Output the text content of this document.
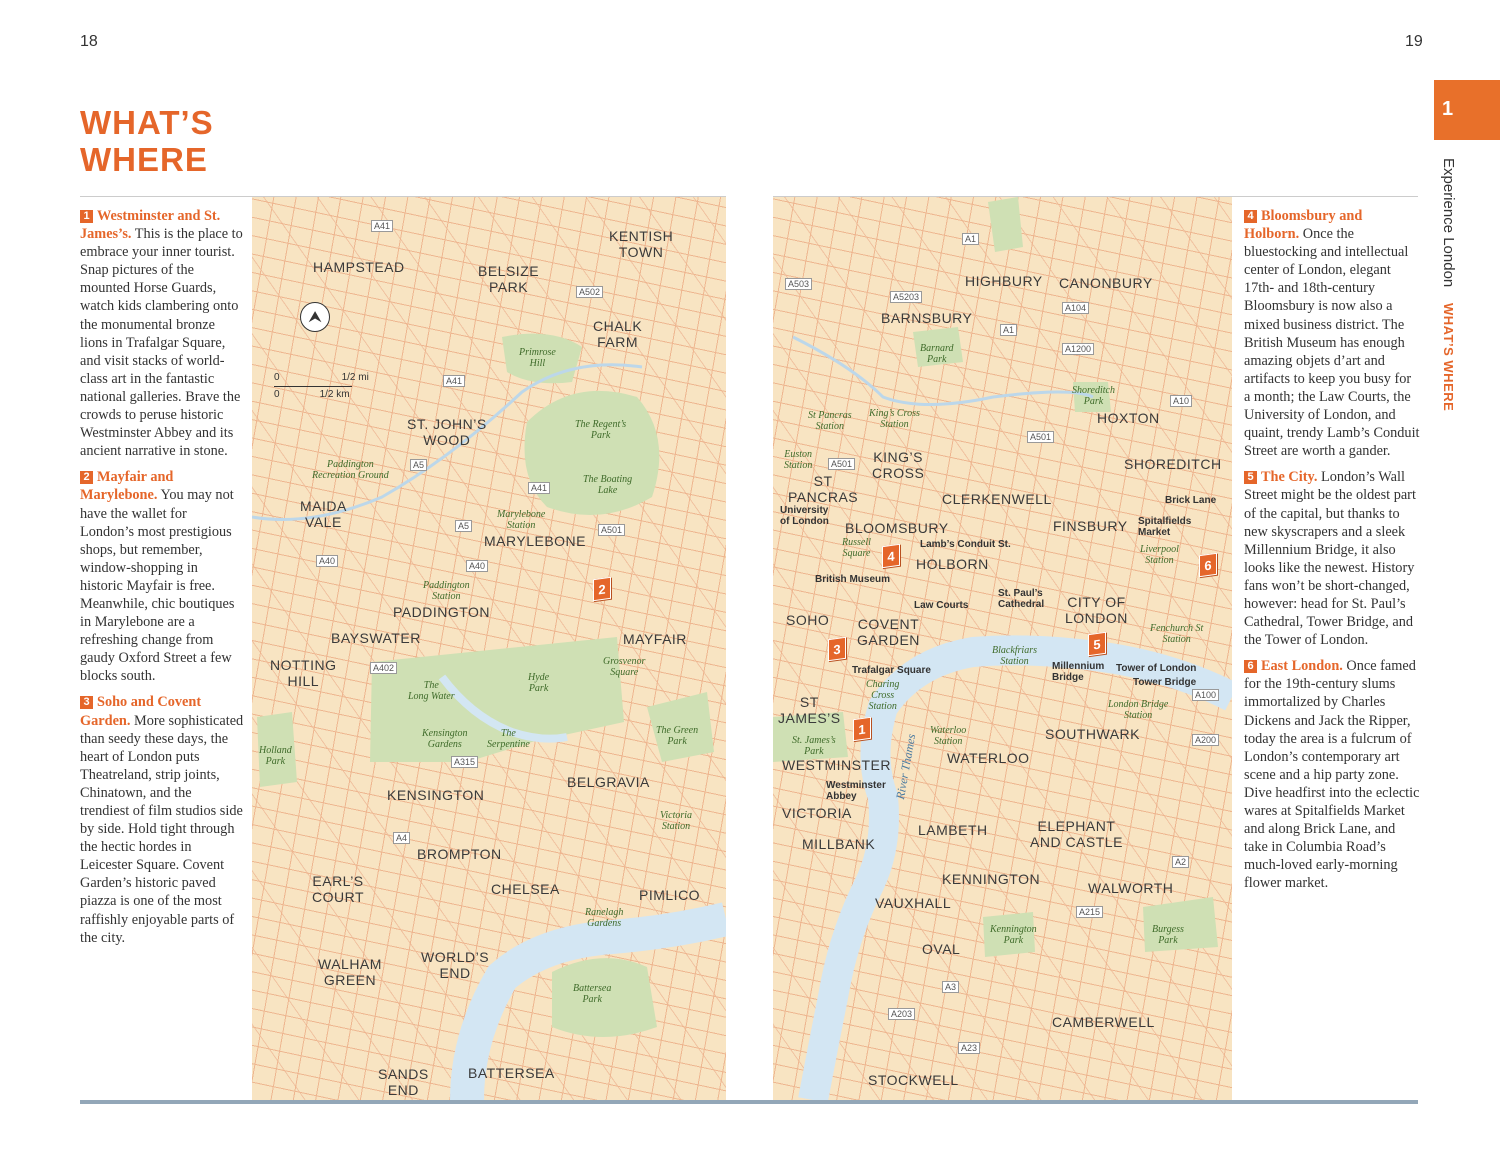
18	19
WHAT’S
WHERE

1 Westminster and St. James’s. This is the place to embrace your inner tourist. Snap pictures of the mounted Horse Guards, watch kids clambering onto the monumental bronze lions in Trafalgar Square, and visit stacks of world-class art in the fantastic national galleries. Brave the crowds to peruse historic Westminster Abbey and its ancient narrative in stone.

2 Mayfair and Marylebone. You may not have the wallet for London’s most prestigious shops, but remember, window-shopping in historic Mayfair is free. Meanwhile, chic boutiques in Marylebone are a refreshing change from gaudy Oxford Street a few blocks south.

3 Soho and Covent Garden. More sophisticated than seedy these days, the heart of London puts Theatreland, strip joints, Chinatown, and the trendiest of film studios side by side. Hold tight through the hectic hordes in Leicester Square. Covent Garden’s historic paved piazza is one of the most raffishly enjoyable parts of the city.

4 Bloomsbury and Holborn. Once the bluestocking and intellectual center of London, elegant 17th- and 18th-century Bloomsbury is now also a mixed business district. The British Museum has enough amazing objets d’art and artifacts to keep you busy for a month; the Law Courts, the University of London, and quaint, trendy Lamb’s Conduit Street are worth a gander.

5 The City. London’s Wall Street might be the oldest part of the capital, but thanks to new skyscrapers and a sleek Millennium Bridge, it also looks like the newest. History fans won’t be short-changed, however: head for St. Paul’s Cathedral, Tower Bridge, and the Tower of London.

6 East London. Once famed for the 19th-century slums immortalized by Charles Dickens and Jack the Ripper, today the area is a fulcrum of London’s contemporary art scene and a hip party zone. Dive headfirst into the eclectic wares at Spitalfields Market and along Brick Lane, and take in Columbia Road’s much-loved early-morning flower market.

⮝
0	1/2 mi
0	1/2 km
KENTISH
TOWN
HAMPSTEAD	BELSIZE
PARK
CHALK
FARM
Primrose
Hill
The Regent’s
Park
ST. JOHN’S
WOOD
The Boating
Lake
Paddington
Recreation Ground
MAIDA
VALE	Marylebone
Station
MARYLEBONE
Paddington
Station
PADDINGTON
BAYSWATER	MAYFAIR
NOTTING
HILL
Grosvenor
Square
The
Long Water
Hyde
Park
Kensington
Gardens
The
Serpentine
The Green
Park
Holland
Park
BELGRAVIA
KENSINGTON
Victoria
Station
BROMPTON
EARL’S
COURT	CHELSEA	PIMLICO
Ranelagh
Gardens
WALHAM
GREEN
WORLD’S
END
Battersea
Park
SANDS
END
BATTERSEA
A41
A502
A41
A5
A41
A5	A501
A40	A40
A402
A315
A4
2
A1
A503	HIGHBURY CANONBURY
A5203
BARNSBURY
A104
A1
Barnard
Park
A1200
Shoreditch
Park	A10
St Pancras
Station
King’s Cross
Station	HOXTON
A501
Euston
Station	A501 KING’S
CROSS
SHOREDITCH
ST
PANCRAS	CLERKENWELL	Brick Lane
University
of London BLOOMSBURY	FINSBURY Spitalfields
Market
Russell
Square
Lamb’s Conduit St.
HOLBORN
Liverpool
Station
British Museum
Law Courts
St. Paul’s
Cathedral CITY OF
LONDON
SOHO COVENT
GARDEN
Fenchurch St
Station
Blackfriars
Station	Millennium
Bridge
Tower of London
Tower Bridge
Trafalgar Square
Charing
Cross
Station
A100
ST
JAMES’S
London Bridge
Station
River Thames
Waterloo
Station	SOUTHWARK
St. James’s
Park
A200
WATERLOO
WESTMINSTER
Westminster
Abbey
VICTORIA
LAMBETH	ELEPHANT
AND CASTLE
MILLBANK
A2
KENNINGTON
WALWORTH
VAUXHALL
A215
Kennington
Park
Burgess
Park
OVAL
A3
A203	CAMBERWELL
A23
STOCKWELL
3
4
1
5
6
1
Experience London WHAT’S WHERE
